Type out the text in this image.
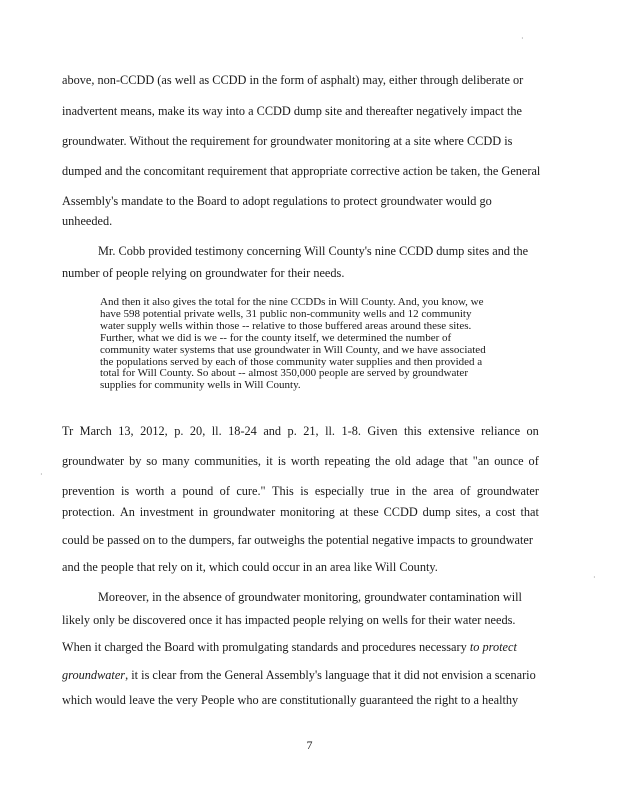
·
·
·
above, non-CCDD (as well as CCDD in the form of asphalt) may, either through deliberate or
inadvertent means, make its way into a CCDD dump site and thereafter negatively impact the
groundwater. Without the requirement for groundwater monitoring at a site where CCDD is
dumped and the concomitant requirement that appropriate corrective action be taken, the General
Assembly's mandate to the Board to adopt regulations to protect groundwater would go
unheeded.
Mr. Cobb provided testimony concerning Will County's nine CCDD dump sites and the
number of people relying on groundwater for their needs.
And then it also gives the total for the nine CCDDs in Will County. And, you know, we
have 598 potential private wells, 31 public non-community wells and 12 community
water supply wells within those -- relative to those buffered areas around these sites.
Further, what we did is we -- for the county itself, we determined the number of
community water systems that use groundwater in Will County, and we have associated
the populations served by each of those community water supplies and then provided a
total for Will County. So about -- almost 350,000 people are served by groundwater
supplies for community wells in Will County.
Tr March 13, 2012, p. 20, ll. 18-24 and p. 21, ll. 1-8. Given this extensive reliance on
groundwater by so many communities, it is worth repeating the old adage that "an ounce of
prevention is worth a pound of cure." This is especially true in the area of groundwater
protection. An investment in groundwater monitoring at these CCDD dump sites, a cost that
could be passed on to the dumpers, far outweighs the potential negative impacts to groundwater
and the people that rely on it, which could occur in an area like Will County.
Moreover, in the absence of groundwater monitoring, groundwater contamination will
likely only be discovered once it has impacted people relying on wells for their water needs.
When it charged the Board with promulgating standards and procedures necessary to protect
groundwater, it is clear from the General Assembly's language that it did not envision a scenario
which would leave the very People who are constitutionally guaranteed the right to a healthy
7
